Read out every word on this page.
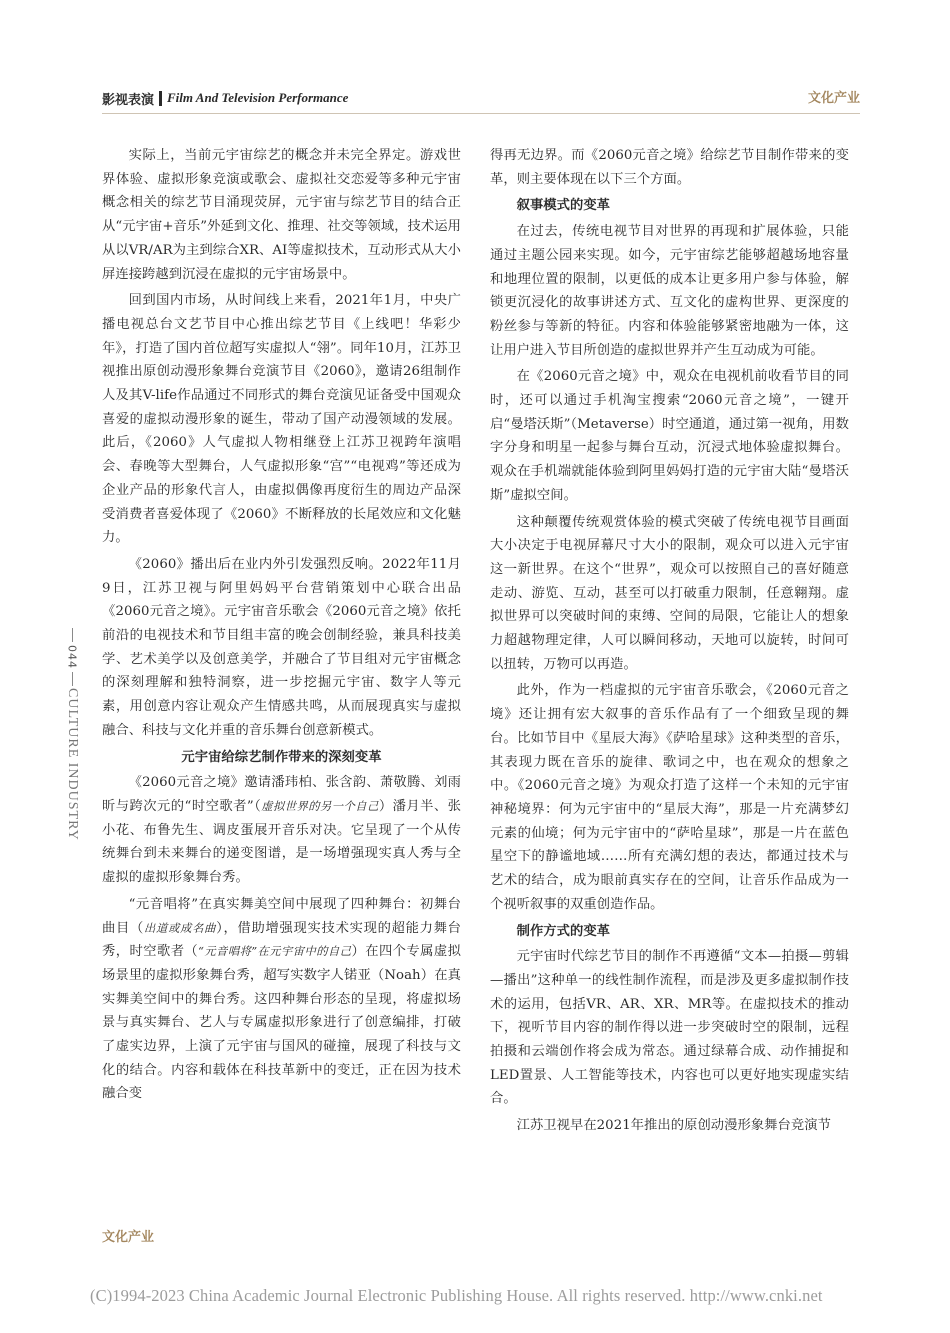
影视表演 Film And Television Performance	文化产业
044
CULTURE INDUSTRY

实际上，当前元宇宙综艺的概念并未完全界定。游戏世界体验、虚拟形象竞演或歌会、虚拟社交恋爱等多种元宇宙概念相关的综艺节目涌现荧屏，元宇宙与综艺节目的结合正从“元宇宙+音乐”外延到文化、推理、社交等领域，技术运用从以VR/AR为主到综合XR、AI等虚拟技术，互动形式从大小屏连接跨越到沉浸在虚拟的元宇宙场景中。

回到国内市场，从时间线上来看，2021年1月，中央广播电视总台文艺节目中心推出综艺节目《上线吧！华彩少年》，打造了国内首位超写实虚拟人“翎”。同年10月，江苏卫视推出原创动漫形象舞台竞演节目《2060》，邀请26组制作人及其V-life作品通过不同形式的舞台竞演见证备受中国观众喜爱的虚拟动漫形象的诞生，带动了国产动漫领域的发展。此后，《2060》人气虚拟人物相继登上江苏卫视跨年演唱会、春晚等大型舞台，人气虚拟形象“宫”“电视鸡”等还成为企业产品的形象代言人，由虚拟偶像再度衍生的周边产品深受消费者喜爱体现了《2060》不断释放的长尾效应和文化魅力。

《2060》播出后在业内外引发强烈反响。2022年11月9日，江苏卫视与阿里妈妈平台营销策划中心联合出品《2060元音之境》。元宇宙音乐歌会《2060元音之境》依托前沿的电视技术和节目组丰富的晚会创制经验，兼具科技美学、艺术美学以及创意美学，并融合了节目组对元宇宙概念的深刻理解和独特洞察，进一步挖掘元宇宙、数字人等元素，用创意内容让观众产生情感共鸣，从而展现真实与虚拟融合、科技与文化并重的音乐舞台创意新模式。

元宇宙给综艺制作带来的深刻变革

《2060元音之境》邀请潘玮柏、张含韵、萧敬腾、刘雨昕与跨次元的“时空歌者”（虚拟世界的另一个自己）潘月半、张小花、布鲁先生、调皮蛋展开音乐对决。它呈现了一个从传统舞台到未来舞台的递变图谱，是一场增强现实真人秀与全虚拟的虚拟形象舞台秀。

“元音唱将”在真实舞美空间中展现了四种舞台：初舞台曲目（出道或成名曲），借助增强现实技术实现的超能力舞台秀，时空歌者（“元音唱将”在元宇宙中的自己）在四个专属虚拟场景里的虚拟形象舞台秀，超写实数字人锘亚（Noah）在真实舞美空间中的舞台秀。这四种舞台形态的呈现，将虚拟场景与真实舞台、艺人与专属虚拟形象进行了创意编排，打破了虚实边界，上演了元宇宙与国风的碰撞，展现了科技与文化的结合。内容和载体在科技革新中的变迁，正在因为技术融合变

得再无边界。而《2060元音之境》给综艺节目制作带来的变革，则主要体现在以下三个方面。

叙事模式的变革

在过去，传统电视节目对世界的再现和扩展体验，只能通过主题公园来实现。如今，元宇宙综艺能够超越场地容量和地理位置的限制，以更低的成本让更多用户参与体验，解锁更沉浸化的故事讲述方式、互文化的虚构世界、更深度的粉丝参与等新的特征。内容和体验能够紧密地融为一体，这让用户进入节目所创造的虚拟世界并产生互动成为可能。

在《2060元音之境》中，观众在电视机前收看节目的同时，还可以通过手机淘宝搜索“2060元音之境”，一键开启“曼塔沃斯”（Metaverse）时空通道，通过第一视角，用数字分身和明星一起参与舞台互动，沉浸式地体验虚拟舞台。观众在手机端就能体验到阿里妈妈打造的元宇宙大陆“曼塔沃斯”虚拟空间。

这种颠覆传统观赏体验的模式突破了传统电视节目画面大小决定于电视屏幕尺寸大小的限制，观众可以进入元宇宙这一新世界。在这个“世界”，观众可以按照自己的喜好随意走动、游览、互动，甚至可以打破重力限制，任意翱翔。虚拟世界可以突破时间的束缚、空间的局限，它能让人的想象力超越物理定律，人可以瞬间移动，天地可以旋转，时间可以扭转，万物可以再造。

此外，作为一档虚拟的元宇宙音乐歌会，《2060元音之境》还让拥有宏大叙事的音乐作品有了一个细致呈现的舞台。比如节目中《星辰大海》《萨哈星球》这种类型的音乐，其表现力既在音乐的旋律、歌词之中，也在观众的想象之中。《2060元音之境》为观众打造了这样一个未知的元宇宙神秘境界：何为元宇宙中的“星辰大海”，那是一片充满梦幻元素的仙境；何为元宇宙中的“萨哈星球”，那是一片在蓝色星空下的静谧地域……所有充满幻想的表达，都通过技术与艺术的结合，成为眼前真实存在的空间，让音乐作品成为一个视听叙事的双重创造作品。

制作方式的变革

元宇宙时代综艺节目的制作不再遵循“文本—拍摄—剪辑—播出”这种单一的线性制作流程，而是涉及更多虚拟制作技术的运用，包括VR、AR、XR、MR等。在虚拟技术的推动下，视听节目内容的制作得以进一步突破时空的限制，远程拍摄和云端创作将会成为常态。通过绿幕合成、动作捕捉和LED置景、人工智能等技术，内容也可以更好地实现虚实结合。

江苏卫视早在2021年推出的原创动漫形象舞台竞演节

文化产业
(C)1994-2023 China Academic Journal Electronic Publishing House. All rights reserved. http://www.cnki.net
